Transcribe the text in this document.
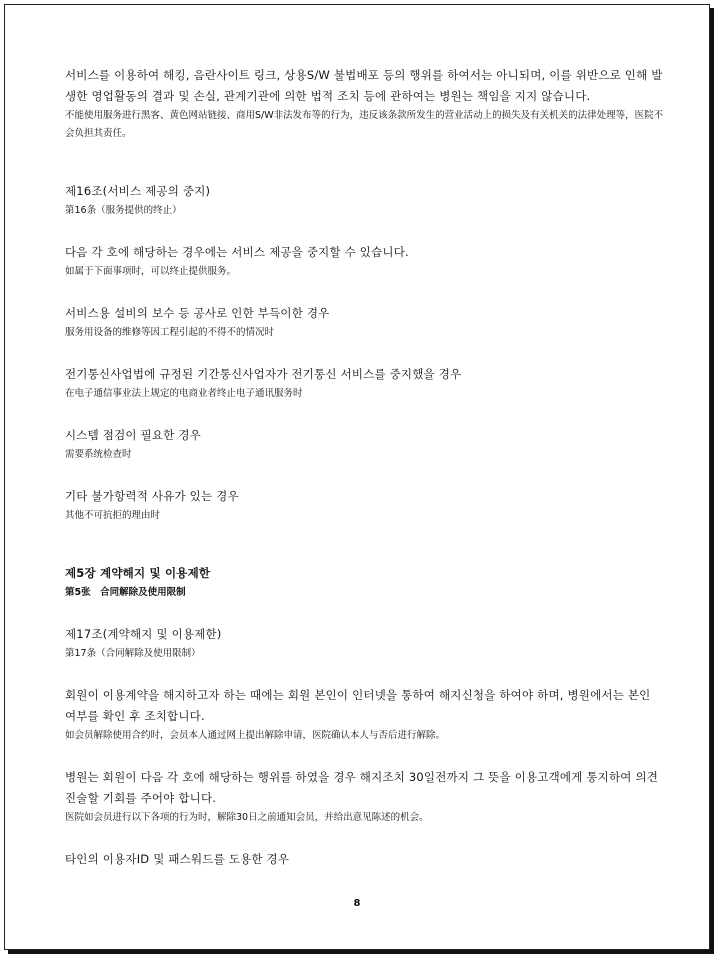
서비스를 이용하여 해킹, 음란사이트 링크, 상용S/W 불법배포 등의 행위를 하여서는 아니되며, 이를 위반으로 인해 발생한 영업활동의 결과 및 손실, 관계기관에 의한 법적 조치 등에 관하여는 병원는 책임을 지지 않습니다.
不能使用服务进行黑客、黄色网站链接、商用S/W非法发布等的行为，违反该条款所发生的营业活动上的损失及有关机关的法律处理等，医院不会负担其责任。
제16조(서비스 제공의 중지)
第16条（服务提供的终止）
다음 각 호에 해당하는 경우에는 서비스 제공을 중지할 수 있습니다.
如属于下面事项时，可以终止提供服务。
서비스용 설비의 보수 등 공사로 인한 부득이한 경우
服务用设备的维修等因工程引起的不得不的情况时
전기통신사업법에 규정된 기간통신사업자가 전기통신 서비스를 중지했을 경우
在电子通信事业法上规定的电商业者终止电子通讯服务时
시스템 점검이 필요한 경우
需要系统检查时
기타 불가항력적 사유가 있는 경우
其他不可抗拒的理由时
제5장 계약해지 및 이용제한
第5张　合同解除及使用限制
제17조(계약해지 및 이용제한)
第17条（合同解除及使用限制）
회원이 이용계약을 해지하고자 하는 때에는 회원 본인이 인터넷을 통하여 해지신청을 하여야 하며, 병원에서는 본인 여부를 확인 후 조치합니다.
如会员解除使用合约时，会员本人通过网上提出解除申请，医院确认本人与否后进行解除。
병원는 회원이 다음 각 호에 해당하는 행위를 하였을 경우 해지조치 30일전까지 그 뜻을 이용고객에게 통지하여 의견진술할 기회를 주어야 합니다.
医院如会员进行以下各项的行为时，解除30日之前通知会员，并给出意见陈述的机会。
타인의 이용자ID 및 패스워드를 도용한 경우
8
